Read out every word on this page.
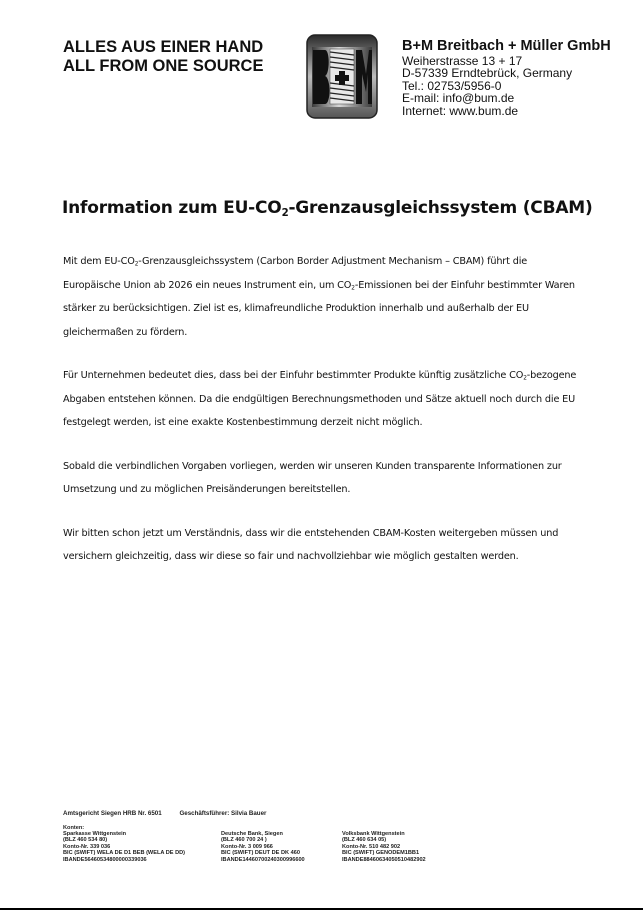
ALLES AUS EINER HAND
ALL FROM ONE SOURCE
B+M Breitbach + Müller GmbH
Weiherstrasse 13 + 17
D-57339 Erndtebrück, Germany
Tel.: 02753/5956-0
E-mail: info@bum.de
Internet: www.bum.de
Information zum $EU-CO_2$-Grenzausgleichssystem (CBAM)

Mit dem $EU-CO_2$-Grenzausgleichssystem (Carbon Border Adjustment Mechanism – CBAM) führt die Europäische Union ab 2026 ein neues Instrument ein, um $CO_2$-Emissionen bei der Einfuhr bestimmter Waren stärker zu berücksichtigen. Ziel ist es, klimafreundliche Produktion innerhalb und außerhalb der EU gleichermaßen zu fördern.

Für Unternehmen bedeutet dies, dass bei der Einfuhr bestimmter Produkte künftig zusätzliche $CO_2$-bezogene Abgaben entstehen können. Da die endgültigen Berechnungsmethoden und Sätze aktuell noch durch die EU festgelegt werden, ist eine exakte Kostenbestimmung derzeit nicht möglich.

Sobald die verbindlichen Vorgaben vorliegen, werden wir unseren Kunden transparente Informationen zur Umsetzung und zu möglichen Preisänderungen bereitstellen.

Wir bitten schon jetzt um Verständnis, dass wir die entstehenden CBAM-Kosten weitergeben müssen und versichern gleichzeitig, dass wir diese so fair und nachvollziehbar wie möglich gestalten werden.

Amtsgericht Siegen HRB Nr. 6501	Geschäftsführer: Silvia Bauer
Konten:
Sparkasse Wittgenstein
(BLZ 460 534 80)
Konto-Nr. 339 036
BIC (SWIFT) WELA DE D1 BEB (WELA DE DD)
IBANDE56460534800000339036
Deutsche Bank, Siegen
(BLZ 460 700 24 )
Konto-Nr. 3 009 966
BIC (SWIFT) DEUT DE DK 460
IBANDE14460700240300996600
Volksbank Wittgenstein
(BLZ 460 634 05)
Konto-Nr. 510 482 902
BIC (SWIFT) GENODEM1BB1
IBANDE88460634050510482902
